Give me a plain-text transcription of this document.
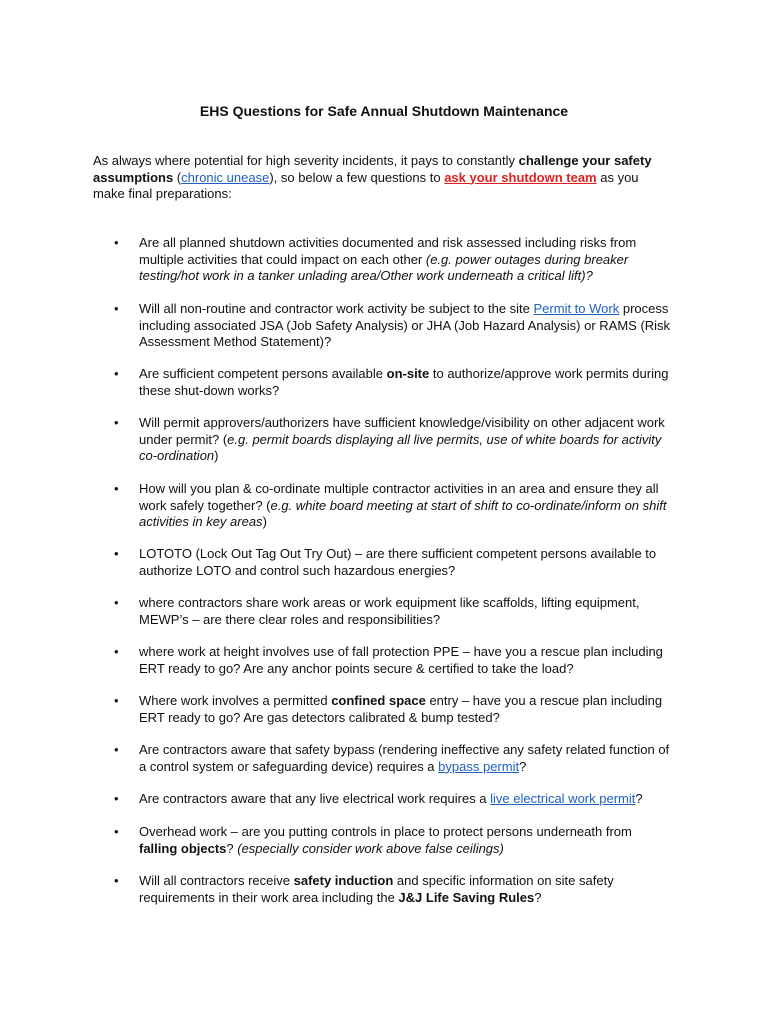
EHS Questions for Safe Annual Shutdown Maintenance
As always where potential for high severity incidents, it pays to constantly challenge your safety assumptions (chronic unease), so below a few questions to ask your shutdown team as you make final preparations:
• Are all planned shutdown activities documented and risk assessed including risks from multiple activities that could impact on each other (e.g. power outages during breaker testing/hot work in a tanker unlading area/Other work underneath a critical lift)?
• Will all non-routine and contractor work activity be subject to the site Permit to Work process including associated JSA (Job Safety Analysis) or JHA (Job Hazard Analysis) or RAMS (Risk Assessment Method Statement)?
• Are sufficient competent persons available on-site to authorize/approve work permits during these shut-down works?
• Will permit approvers/authorizers have sufficient knowledge/visibility on other adjacent work under permit? (e.g. permit boards displaying all live permits, use of white boards for activity co-ordination)
• How will you plan & co-ordinate multiple contractor activities in an area and ensure they all work safely together? (e.g. white board meeting at start of shift to co-ordinate/inform on shift activities in key areas)
• LOTOTO (Lock Out Tag Out Try Out) – are there sufficient competent persons available to authorize LOTO and control such hazardous energies?
• where contractors share work areas or work equipment like scaffolds, lifting equipment, MEWP’s – are there clear roles and responsibilities?
• where work at height involves use of fall protection PPE – have you a rescue plan including ERT ready to go? Are any anchor points secure & certified to take the load?
• Where work involves a permitted confined space entry – have you a rescue plan including ERT ready to go? Are gas detectors calibrated & bump tested?
• Are contractors aware that safety bypass (rendering ineffective any safety related function of a control system or safeguarding device) requires a bypass permit?
• Are contractors aware that any live electrical work requires a live electrical work permit?
• Overhead work – are you putting controls in place to protect persons underneath from falling objects? (especially consider work above false ceilings)
• Will all contractors receive safety induction and specific information on site safety requirements in their work area including the J&J Life Saving Rules?
